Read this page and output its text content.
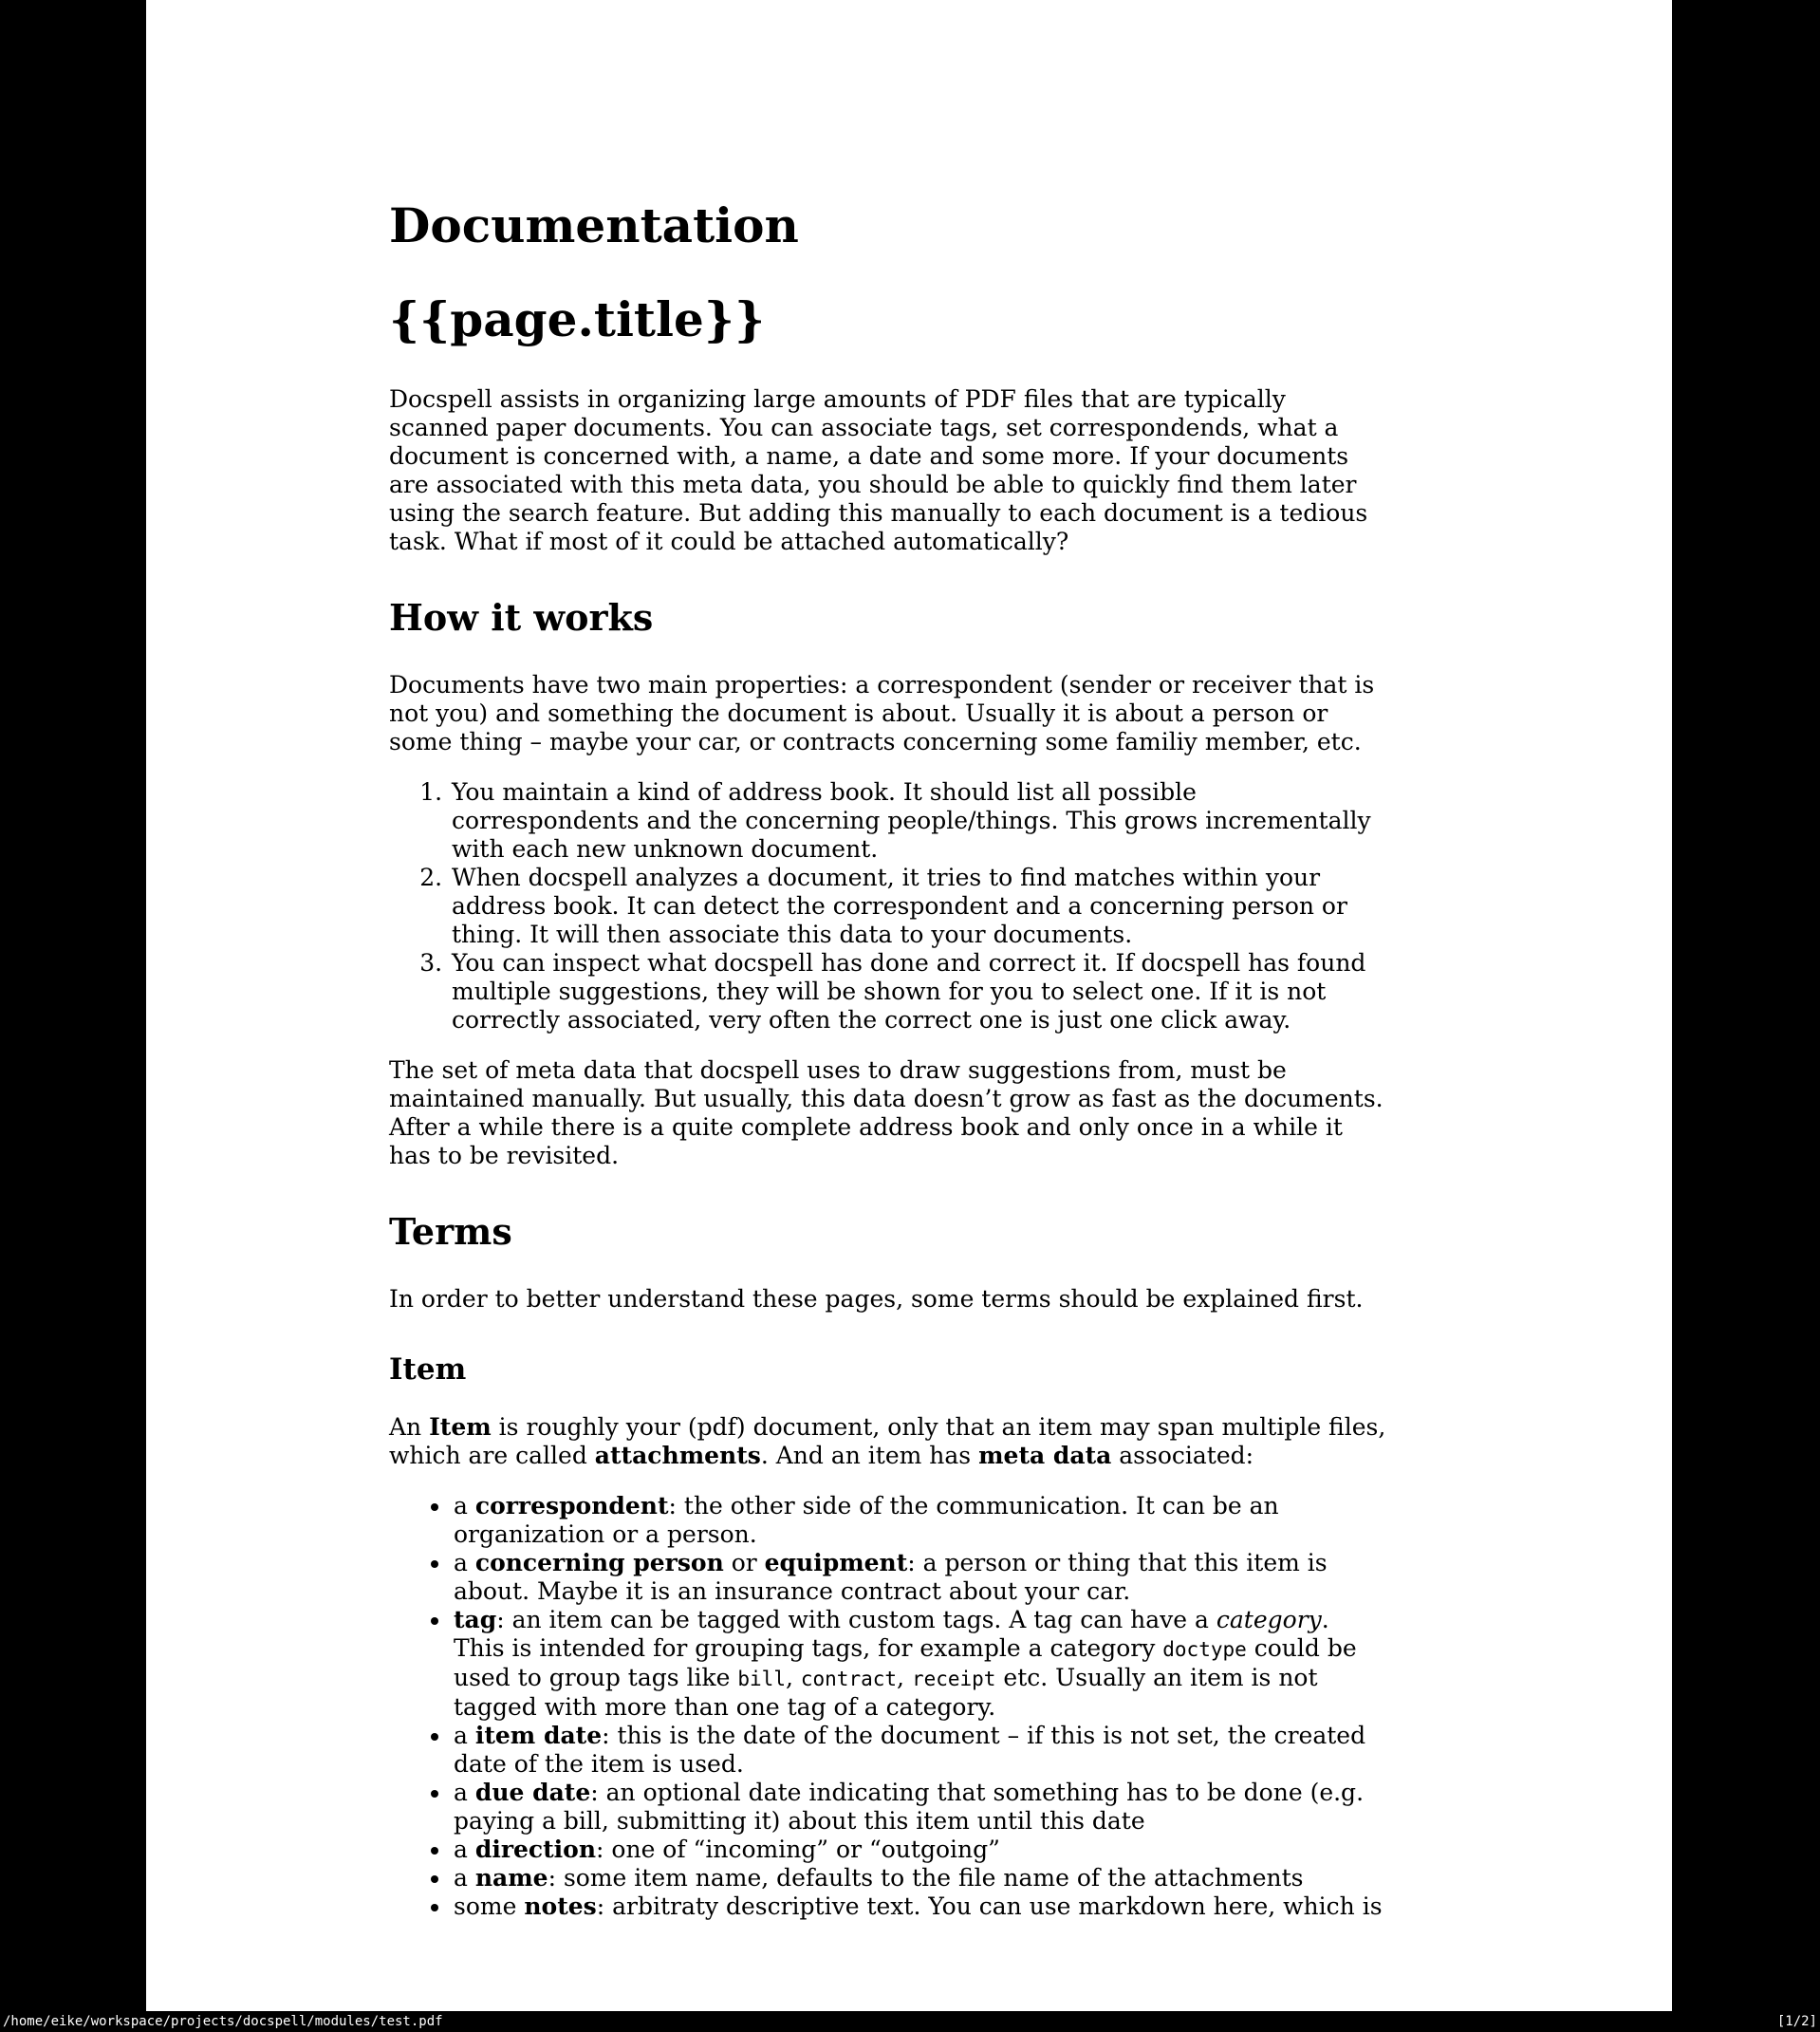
Documentation
{{page.title}}

Docspell assists in organizing large amounts of PDF files that are typically scanned paper documents. You can associate tags, set correspondends, what a document is concerned with, a name, a date and some more. If your documents are associated with this meta data, you should be able to quickly find them later using the search feature. But adding this manually to each document is a tedious task. What if most of it could be attached automatically?

How it works

Documents have two main properties: a correspondent (sender or receiver that is not you) and something the document is about. Usually it is about a person or some thing – maybe your car, or contracts concerning some familiy member, etc.

1. You maintain a kind of address book. It should list all possible correspondents and the concerning people/things. This grows incrementally with each new unknown document.
2. When docspell analyzes a document, it tries to find matches within your address book. It can detect the correspondent and a concerning person or thing. It will then associate this data to your documents.
3. You can inspect what docspell has done and correct it. If docspell has found multiple suggestions, they will be shown for you to select one. If it is not correctly associated, very often the correct one is just one click away.

The set of meta data that docspell uses to draw suggestions from, must be maintained manually. But usually, this data doesn’t grow as fast as the documents. After a while there is a quite complete address book and only once in a while it has to be revisited.

Terms

In order to better understand these pages, some terms should be explained first.

Item

An Item is roughly your (pdf) document, only that an item may span multiple files, which are called attachments. And an item has meta data associated:

• a correspondent: the other side of the communication. It can be an organization or a person.
• a concerning person or equipment: a person or thing that this item is about. Maybe it is an insurance contract about your car.
• tag: an item can be tagged with custom tags. A tag can have a category. This is intended for grouping tags, for example a category doctype could be used to group tags like bill, contract, receipt etc. Usually an item is not tagged with more than one tag of a category.
• a item date: this is the date of the document – if this is not set, the created date of the item is used.
• a due date: an optional date indicating that something has to be done (e.g. paying a bill, submitting it) about this item until this date
• a direction: one of “incoming” or “outgoing”
• a name: some item name, defaults to the file name of the attachments
• some notes: arbitraty descriptive text. You can use markdown here, which is
/home/eike/workspace/projects/docspell/modules/test.pdf	[1/2]
